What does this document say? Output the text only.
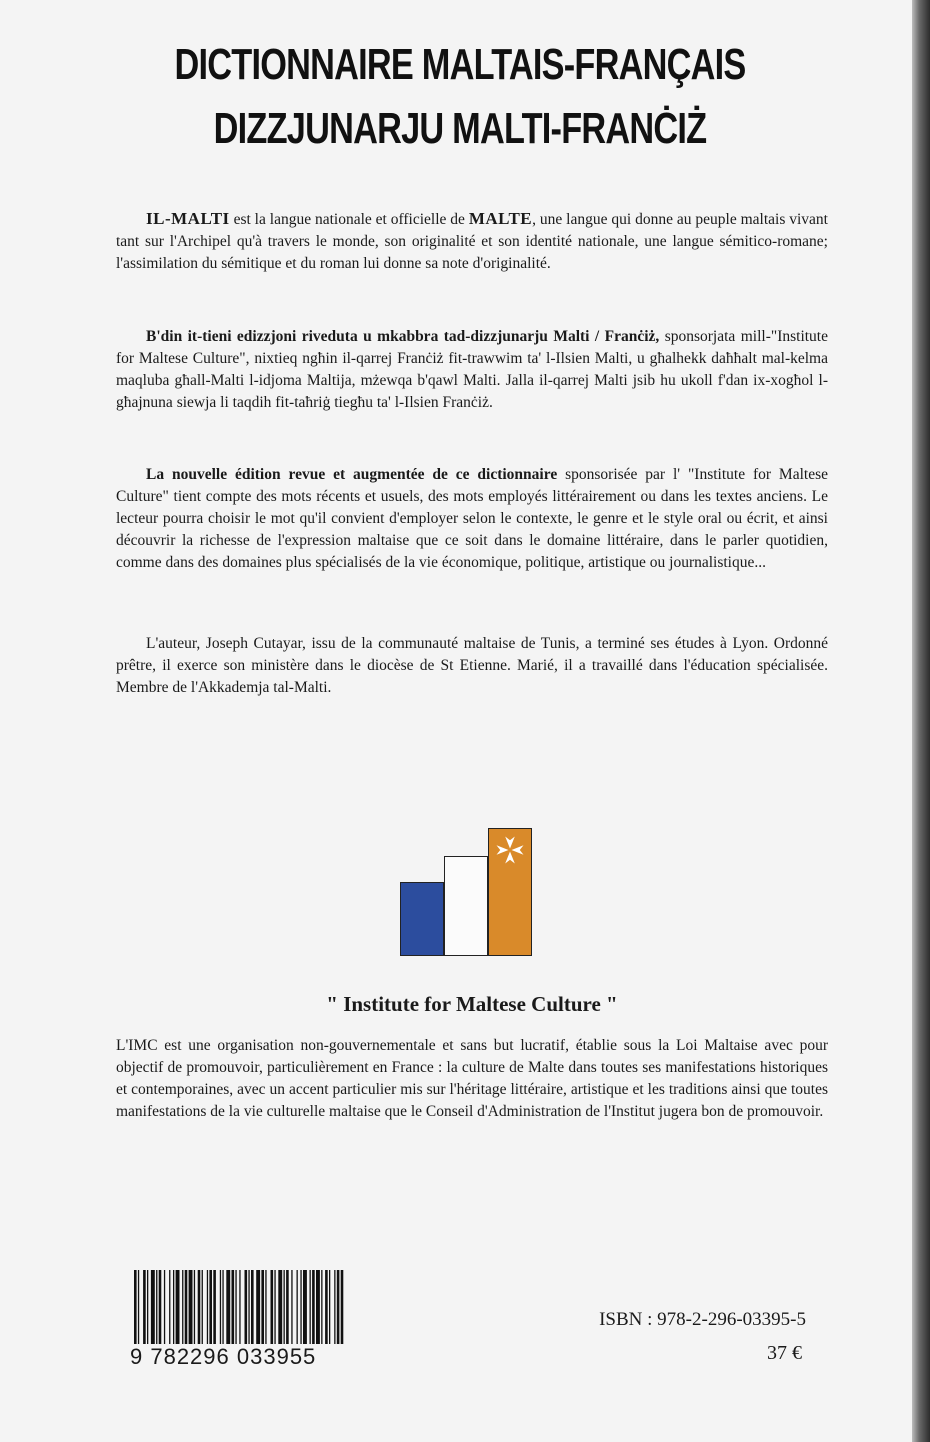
DICTIONNAIRE MALTAIS-FRANÇAIS
DIZZJUNARJU MALTI-FRANĊIŻ

IL-MALTI est la langue nationale et officielle de MALTE, une langue qui donne au peuple maltais vivant tant sur l'Archipel qu'à travers le monde, son originalité et son identité nationale, une langue sémitico-romane; l'assimilation du sémitique et du roman lui donne sa note d'originalité.

B'din it-tieni edizzjoni riveduta u mkabbra tad-dizzjunarju Malti / Franċiż, sponsorjata mill-"Institute for Maltese Culture", nixtieq ngħin il-qarrej Franċiż fit-trawwim ta' l-Ilsien Malti, u għalhekk daħħalt mal-kelma maqluba għall-Malti l-idjoma Maltija, mżewqa b'qawl Malti. Jalla il-qarrej Malti jsib hu ukoll f'dan ix-xogħol l-għajnuna siewja li taqdih fit-taħriġ tiegħu ta' l-Ilsien Franċiż.

La nouvelle édition revue et augmentée de ce dictionnaire sponsorisée par l' "Institute for Maltese Culture" tient compte des mots récents et usuels, des mots employés littérairement ou dans les textes anciens. Le lecteur pourra choisir le mot qu'il convient d'employer selon le contexte, le genre et le style oral ou écrit, et ainsi découvrir la richesse de l'expression maltaise que ce soit dans le domaine littéraire, dans le parler quotidien, comme dans des domaines plus spécialisés de la vie économique, politique, artistique ou journalistique...

L'auteur, Joseph Cutayar, issu de la communauté maltaise de Tunis, a terminé ses études à Lyon. Ordonné prêtre, il exerce son ministère dans le diocèse de St Etienne. Marié, il a travaillé dans l'éducation spécialisée. Membre de l'Akkademja tal-Malti.

" Institute for Maltese Culture "

L'IMC est une organisation non-gouvernementale et sans but lucratif, établie sous la Loi Maltaise avec pour objectif de promouvoir, particulièrement en France : la culture de Malte dans toutes ses manifestations historiques et contemporaines, avec un accent particulier mis sur l'héritage littéraire, artistique et les traditions ainsi que toutes manifestations de la vie culturelle maltaise que le Conseil d'Administration de l'Institut jugera bon de promouvoir.

9 782296 033955
ISBN : 978-2-296-03395-5
37 €
